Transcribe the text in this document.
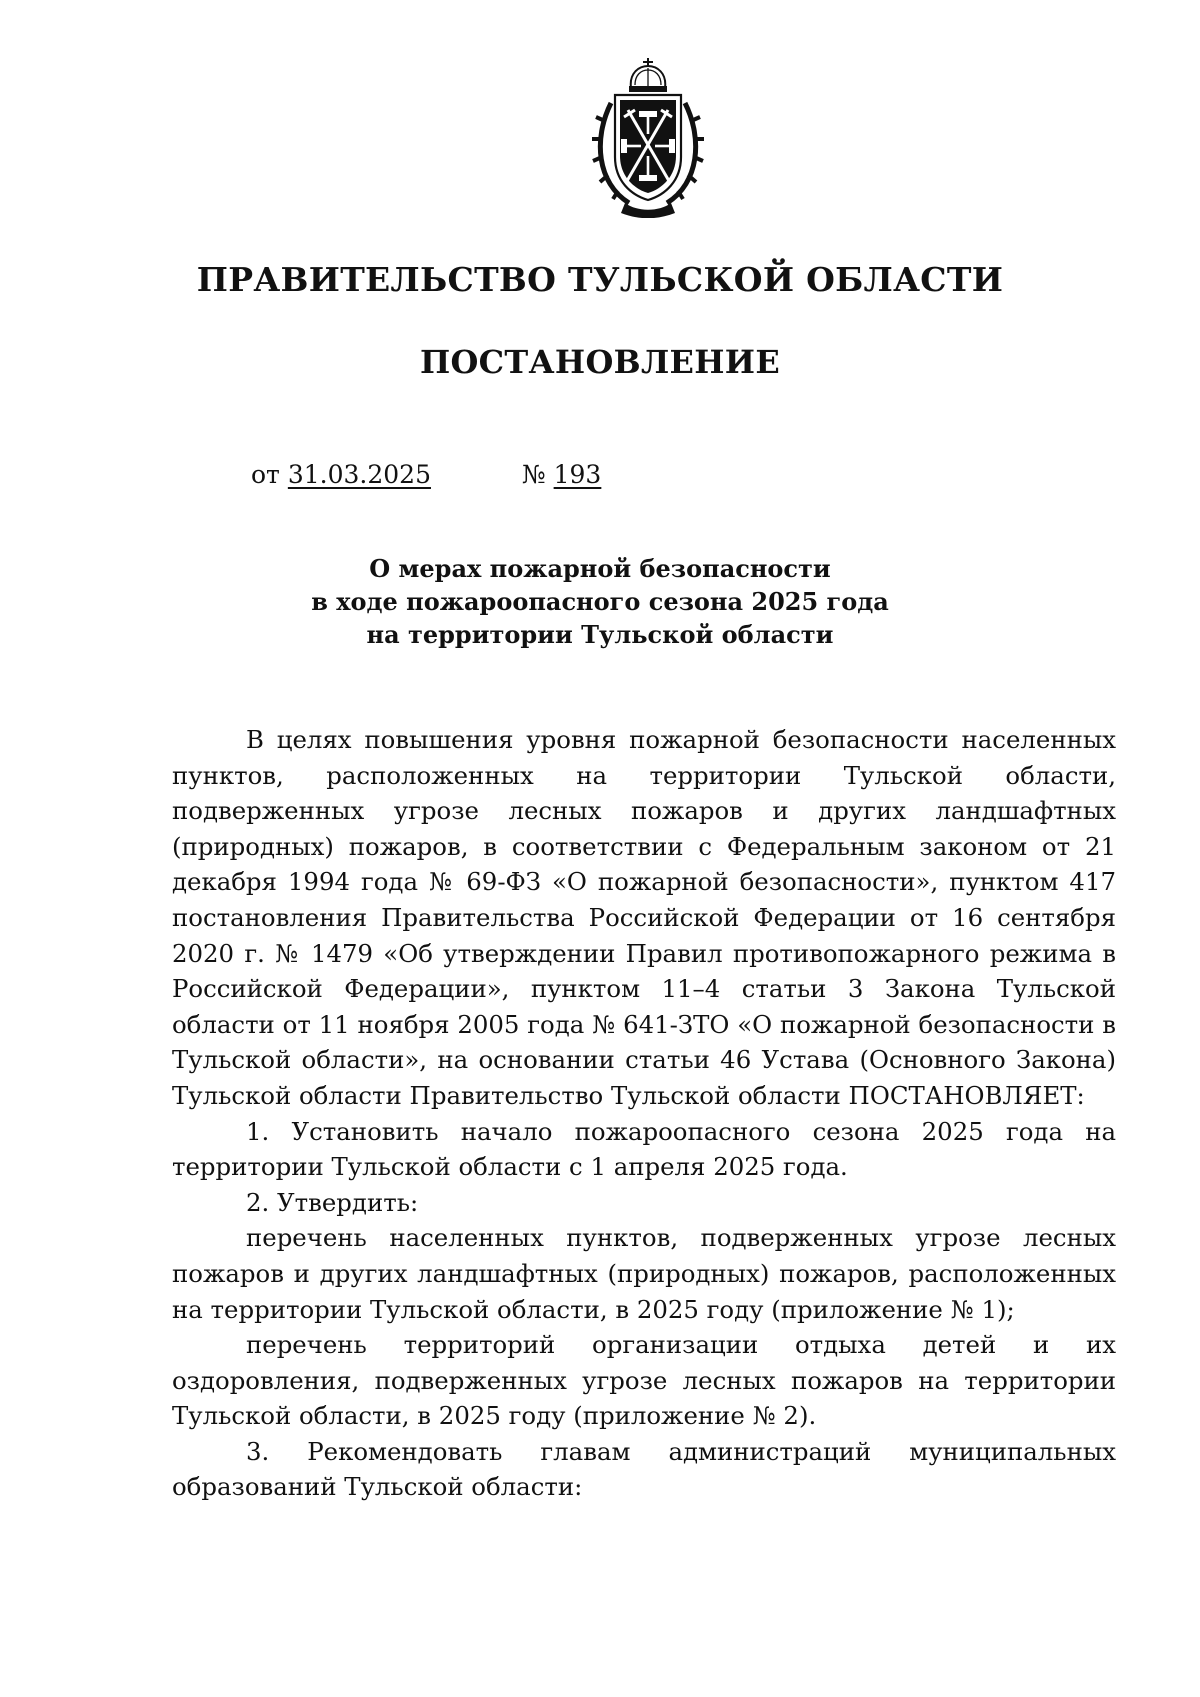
ПРАВИТЕЛЬСТВО ТУЛЬСКОЙ ОБЛАСТИ
ПОСТАНОВЛЕНИЕ
от 31.03.2025	№ 193
О мерах пожарной безопасности
в ходе пожароопасного сезона 2025 года
на территории Тульской области

В целях повышения уровня пожарной безопасности населенных пунктов, расположенных на территории Тульской области, подверженных угрозе лесных пожаров и других ландшафтных (природных) пожаров, в соответствии с Федеральным законом от 21 декабря 1994 года № 69-ФЗ «О пожарной безопасности», пунктом 417 постановления Правительства Российской Федерации от 16 сентября 2020 г. № 1479 «Об утверждении Правил противопожарного режима в Российской Федерации», пунктом 11–4 статьи 3 Закона Тульской области от 11 ноября 2005 года № 641-ЗТО «О пожарной безопасности в Тульской области», на основании статьи 46 Устава (Основного Закона) Тульской области Правительство Тульской области ПОСТАНОВЛЯЕТ:

1. Установить начало пожароопасного сезона 2025 года на территории Тульской области с 1 апреля 2025 года.

2. Утвердить:

перечень населенных пунктов, подверженных угрозе лесных пожаров и других ландшафтных (природных) пожаров, расположенных на территории Тульской области, в 2025 году (приложение № 1);

перечень территорий организации отдыха детей и их оздоровления, подверженных угрозе лесных пожаров на территории Тульской области, в 2025 году (приложение № 2).

3. Рекомендовать главам администраций муниципальных образований Тульской области:
